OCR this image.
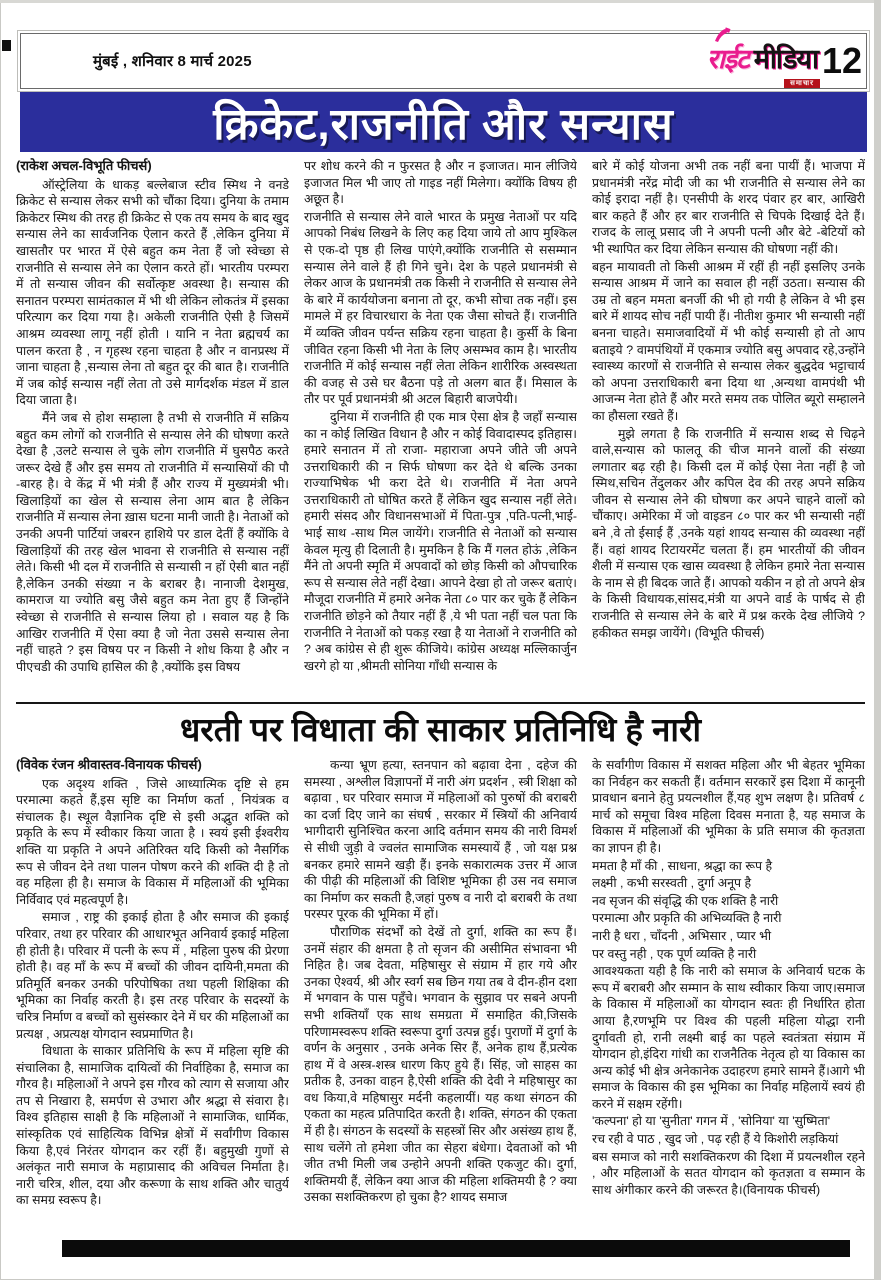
मुंबई , शनिवार 8 मार्च 2025	राईट मीडिया
समाचार
12
क्रिकेट,राजनीति और सन्यास

(राकेश अचल-विभूति फीचर्स)

ऑस्ट्रेलिया के धाकड़ बल्लेबाज स्टीव स्मिथ ने वनडे क्रिकेट से सन्यास लेकर सभी को चौंका दिया। दुनिया के तमाम क्रिकेटर स्मिथ की तरह ही क्रिकेट से एक तय समय के बाद खुद सन्यास लेने का सार्वजनिक ऐलान करते हैं ,लेकिन दुनिया में खासतौर पर भारत में ऐसे बहुत कम नेता हैं जो स्वेच्छा से राजनीति से सन्यास लेने का ऐलान करते हों। भारतीय परम्परा में तो सन्यास जीवन की सर्वोत्कृष्ट अवस्था है। सन्यास की सनातन परम्परा सामंतकाल में भी थी लेकिन लोकतंत्र में इसका परित्याग कर दिया गया है। अकेली राजनीति ऐसी है जिसमें आश्रम व्यवस्था लागू नहीं होती । यानि न नेता ब्रह्मचर्य का पालन करता है , न गृहस्थ रहना चाहता है और न वानप्रस्थ में जाना चाहता है ,सन्यास लेना तो बहुत दूर की बात है। राजनीति में जब कोई सन्यास नहीं लेता तो उसे मार्गदर्शक मंडल में डाल दिया जाता है।

मैंने जब से होश सम्हाला है तभी से राजनीति में सक्रिय बहुत कम लोगों को राजनीति से सन्यास लेने की घोषणा करते देखा है ,उलटे सन्यास ले चुके लोग राजनीति में घुसपैठ करते जरूर देखे हैं और इस समय तो राजनीति में सन्यासियों की पौ -बारह है। वे केंद्र में भी मंत्री हैं और राज्य में मुख्यमंत्री भी। खिलाड़ियों का खेल से सन्यास लेना आम बात है लेकिन राजनीति में सन्यास लेना ख़ास घटना मानी जाती है। नेताओं को उनकी अपनी पार्टियां जबरन हाशिये पर डाल देतीं हैं क्योंकि वे खिलाड़ियों की तरह खेल भावना से राजनीति से सन्यास नहीं लेते। किसी भी दल में राजनीति से सन्यासी न हों ऐसी बात नहीं है,लेकिन उनकी संख्या न के बराबर है। नानाजी देशमुख, कामराज या ज्योति बसु जैसे बहुत कम नेता हुए हैं जिन्होंने स्वेच्छा से राजनीति से सन्यास लिया हो । सवाल यह है कि आखिर राजनीति में ऐसा क्या है जो नेता उससे सन्यास लेना नहीं चाहते ? इस विषय पर न किसी ने शोध किया है और न पीएचडी की उपाधि हासिल की है ,क्योंकि इस विषय

पर शोध करने की न फुरसत है और न इजाजत। मान लीजिये इजाजत मिल भी जाए तो गाइड नहीं मिलेगा। क्योंकि विषय ही अछूत है।

राजनीति से सन्यास लेने वाले भारत के प्रमुख नेताओं पर यदि आपको निबंध लिखने के लिए कह दिया जाये तो आप मुश्किल से एक-दो पृष्ठ ही लिख पाएंगे,क्योंकि राजनीति से ससम्मान सन्यास लेने वाले हैं ही गिने चुने। देश के पहले प्रधानमंत्री से लेकर आज के प्रधानमंत्री तक किसी ने राजनीति से सन्यास लेने के बारे में कार्ययोजना बनाना तो दूर, कभी सोचा तक नहीं। इस मामले में हर विचारधारा के नेता एक जैसा सोचते हैं। राजनीति में व्यक्ति जीवन पर्यन्त सक्रिय रहना चाहता है। कुर्सी के बिना जीवित रहना किसी भी नेता के लिए असम्भव काम है। भारतीय राजनीति में कोई सन्यास नहीं लेता लेकिन शारीरिक अस्वस्थता की वजह से उसे घर बैठना पड़े तो अलग बात हैं। मिसाल के तौर पर पूर्व प्रधानमंत्री श्री अटल बिहारी बाजपेयी।

दुनिया में राजनीति ही एक मात्र ऐसा क्षेत्र है जहाँ सन्यास का न कोई लिखित विधान है और न कोई विवादास्पद इतिहास।हमारे सनातन में तो राजा- महाराजा अपने जीते जी अपने उत्तराधिकारी की न सिर्फ घोषणा कर देते थे बल्कि उनका राज्याभिषेक भी करा देते थे। राजनीति में नेता अपने उत्तराधिकारी तो घोषित करते हैं लेकिन खुद सन्यास नहीं लेते। हमारी संसद और विधानसभाओं में पिता-पुत्र ,पति-पत्नी,भाई-भाई साथ -साथ मिल जायेंगे। राजनीति से नेताओं को सन्यास केवल मृत्यु ही दिलाती है। मुमकिन है कि मैं गलत होऊं ,लेकिन मैंने तो अपनी स्मृति में अपवादों को छोड़ किसी को औपचारिक रूप से सन्यास लेते नहीं देखा। आपने देखा हो तो जरूर बताएं। मौजूदा राजनीति में हमारे अनेक नेता ८० पार कर चुके हैं लेकिन राजनीति छोड़ने को तैयार नहीं हैं ,ये भी पता नहीं चल पता कि राजनीति ने नेताओं को पकड़ रखा है या नेताओं ने राजनीति को ? अब कांग्रेस से ही शुरू कीजिये। कांग्रेस अध्यक्ष मल्लिकार्जुन खरगे हो या ,श्रीमती सोनिया गाँधी सन्यास के

बारे में कोई योजना अभी तक नहीं बना पायीं हैं। भाजपा में प्रधानमंत्री नरेंद्र मोदी जी का भी राजनीति से सन्यास लेने का कोई इरादा नहीं है। एनसीपी के शरद पंवार हर बार, आखिरी बार कहते हैं और हर बार राजनीति से चिपके दिखाई देते हैं। राजद के लालू प्रसाद जी ने अपनी पत्नी और बेटे -बेटियों को भी स्थापित कर दिया लेकिन सन्यास की घोषणा नहीं की।

बहन मायावती तो किसी आश्रम में रहीं ही नहीं इसलिए उनके सन्यास आश्रम में जाने का सवाल ही नहीं उठता। सन्यास की उम्र तो बहन ममता बनर्जी की भी हो गयी है लेकिन वे भी इस बारे में शायद सोच नहीं पायी हैं। नीतीश कुमार भी सन्यासी नहीं बनना चाहते। समाजवादियों में भी कोई सन्यासी हो तो आप बताइये ? वामपंथियों में एकमात्र ज्योति बसु अपवाद रहे,उन्होंने स्वास्थ्य कारणों से राजनीति से सन्यास लेकर बुद्धदेव भट्टाचार्य को अपना उत्तराधिकारी बना दिया था ,अन्यथा वामपंथी भी आजन्म नेता होते हैं और मरते समय तक पोलित ब्यूरो सम्हालने का हौसला रखते हैं।

मुझे लगता है कि राजनीति में सन्यास शब्द से चिढ़ने वाले,सन्यास को फालतू की चीज मानने वालों की संख्या लगातार बढ़ रही है। किसी दल में कोई ऐसा नेता नहीं है जो स्मिथ,सचिन तेंदुलकर और कपिल देव की तरह अपने सक्रिय जीवन से सन्यास लेने की घोषणा कर अपने चाहने वालों को चौंकाए। अमेरिका में जो वाइडन ८० पार कर भी सन्यासी नहीं बने ,वे तो ईसाई हैं ,उनके यहां शायद सन्यास की व्यवस्था नहीं हैं। वहां शायद रिटायरमेंट चलता हैं। हम भारतीयों की जीवन शैली में सन्यास एक खास व्यवस्था है लेकिन हमारे नेता सन्यास के नाम से ही बिदक जाते हैं। आपको यकीन न हो तो अपने क्षेत्र के किसी विधायक,सांसद,मंत्री या अपने वार्ड के पार्षद से ही राजनीति से सन्यास लेने के बारे में प्रश्न करके देख लीजिये ? हकीकत समझ जायेंगे। (विभूति फीचर्स)

धरती पर विधाता की साकार प्रतिनिधि है नारी

(विवेक रंजन श्रीवास्तव-विनायक फीचर्स)

एक अदृश्य शक्ति , जिसे आध्यात्मिक दृष्टि से हम परमात्मा कहते हैं,इस सृष्टि का निर्माण कर्ता , नियंत्रक व संचालक है। स्थूल वैज्ञानिक दृष्टि से इसी अद्भुत शक्ति को प्रकृति के रूप में स्वीकार किया जाता है । स्वयं इसी ईश्वरीय शक्ति या प्रकृति ने अपने अतिरिक्त यदि किसी को नैसर्गिक रूप से जीवन देने तथा पालन पोषण करने की शक्ति दी है तो वह महिला ही है। समाज के विकास में महिलाओं की भूमिका निर्विवाद एवं महत्वपूर्ण है।

समाज , राष्ट्र की इकाई होता है और समाज की इकाई परिवार, तथा हर परिवार की आधारभूत अनिवार्य इकाई महिला ही होती है। परिवार में पत्नी के रूप में , महिला पुरुष की प्रेरणा होती है। वह माँ के रूप में बच्चों की जीवन दायिनी,ममता की प्रतिमूर्ति बनकर उनकी परिपोषिका तथा पहली शिक्षिका की भूमिका का निर्वाह करती है। इस तरह परिवार के सदस्यों के चरित्र निर्माण व बच्चों को सुसंस्कार देने में घर की महिलाओं का प्रत्यक्ष , अप्रत्यक्ष योगदान स्वप्रमाणित है।

विधाता के साकार प्रतिनिधि के रूप में महिला सृष्टि की संचालिका है, सामाजिक दायित्वों की निर्वाहिका है, समाज का गौरव है। महिलाओं ने अपने इस गौरव को त्याग से सजाया और तप से निखारा है, समर्पण से उभारा और श्रद्धा से संवारा है। विश्व इतिहास साक्षी है कि महिलाओं ने सामाजिक, धार्मिक, सांस्कृतिक एवं साहित्यिक विभिन्न क्षेत्रों में सर्वांगीण विकास किया है,एवं निरंतर योगदान कर रहीं हैं। बहुमुखी गुणों से अलंकृत नारी समाज के महाप्रासाद की अविचल निर्माता है। नारी चरित्र, शील, दया और करूणा के साथ शक्ति और चातुर्य का समग्र स्वरूप है।

कन्या भ्रूण हत्या, स्तनपान को बढ़ावा देना , दहेज की समस्या , अश्लील विज्ञापनों में नारी अंग प्रदर्शन , स्त्री शिक्षा को बढ़ावा , घर परिवार समाज में महिलाओं को पुरुषों की बराबरी का दर्जा दिए जाने का संघर्ष , सरकार में स्त्रियों की अनिवार्य भागीदारी सुनिश्चित करना आदि वर्तमान समय की नारी विमर्श से सीधी जुड़ी वे ज्वलंत सामाजिक समस्यायें हैं , जो यक्ष प्रश्न बनकर हमारे सामने खड़ी हैं। इनके सकारात्मक उत्तर में आज की पीढ़ी की महिलाओं की विशिष्ट भूमिका ही उस नव समाज का निर्माण कर सकती है,जहां पुरुष व नारी दो बराबरी के तथा परस्पर पूरक की भूमिका में हों।

पौराणिक संदर्भों को देखें तो दुर्गा, शक्ति का रूप हैं। उनमें संहार की क्षमता है तो सृजन की असीमित संभावना भी निहित है। जब देवता, महिषासुर से संग्राम में हार गये और उनका ऐश्वर्य, श्री और स्वर्ग सब छिन गया तब वे दीन-हीन दशा में भगवान के पास पहुँचे। भगवान के सुझाव पर सबने अपनी सभी शक्तियाँ एक साथ समग्रता में समाहित की,जिसके परिणामस्वरूप शक्ति स्वरूपा दुर्गा उत्पन्न हुई। पुराणों में दुर्गा के वर्णन के अनुसार , उनके अनेक सिर हैं, अनेक हाथ हैं,प्रत्येक हाथ में वे अस्त्र-शस्त्र धारण किए हुये हैं। सिंह, जो साहस का प्रतीक है, उनका वाहन है,ऐसी शक्ति की देवी ने महिषासुर का वध किया,वे महिषासुर मर्दनी कहलायीं। यह कथा संगठन की एकता का महत्व प्रतिपादित करती है। शक्ति, संगठन की एकता में ही है। संगठन के सदस्यों के सहस्त्रों सिर और असंख्य हाथ हैं, साथ चलेंगे तो हमेशा जीत का सेहरा बंधेगा। देवताओं को भी जीत तभी मिली जब उन्होने अपनी शक्ति एकजुट की। दुर्गा, शक्तिमयी हैं, लेकिन क्या आज की महिला शक्तिमयी है ? क्या उसका सशक्तिकरण हो चुका है? शायद समाज

के सर्वांगीण विकास में सशक्त महिला और भी बेहतर भूमिका का निर्वहन कर सकती हैं। वर्तमान सरकारें इस दिशा में कानूनी प्रावधान बनाने हेतु प्रयत्नशील हैं,यह शुभ लक्षण है। प्रतिवर्ष ८ मार्च को समूचा विश्व महिला दिवस मनाता है, यह समाज के विकास में महिलाओं की भूमिका के प्रति समाज की कृतज्ञता का ज्ञापन ही है।

ममता है माँ की , साधना, श्रद्धा का रूप है

लक्ष्मी , कभी सरस्वती , दुर्गा अनूप है

नव सृजन की संवृद्धि की एक शक्ति है नारी

परमात्मा और प्रकृति की अभिव्यक्ति है नारी

नारी है धरा , चाँदनी , अभिसार , प्यार भी

पर वस्तु नही , एक पूर्ण व्यक्ति है नारी

आवश्यकता यही है कि नारी को समाज के अनिवार्य घटक के रूप में बराबरी और सम्मान के साथ स्वीकार किया जाए।समाज के विकास में महिलाओं का योगदान स्वतः ही निर्धारित होता आया है,रणभूमि पर विश्व की पहली महिला योद्धा रानी दुर्गावती हो, रानी लक्ष्मी बाई का पहले स्वतंत्रता संग्राम में योगदान हो,इंदिरा गांधी का राजनैतिक नेतृत्व हो या विकास का अन्य कोई भी क्षेत्र अनेकानेक उदाहरण हमारे सामने हैं।आगे भी समाज के विकास की इस भूमिका का निर्वाह महिलायें स्वयं ही करने में सक्षम रहेंगी।

'कल्पना' हो या 'सुनीता' गगन में , 'सोनिया' या 'सुष्मिता'

रच रही वे पाठ , खुद जो , पढ़ रही हैं ये किशोरी लड़कियां

बस समाज को नारी सशक्तिकरण की दिशा में प्रयत्नशील रहने , और महिलाओं के सतत योगदान को कृतज्ञता व सम्मान के साथ अंगीकार करने की जरूरत है।(विनायक फीचर्स)
